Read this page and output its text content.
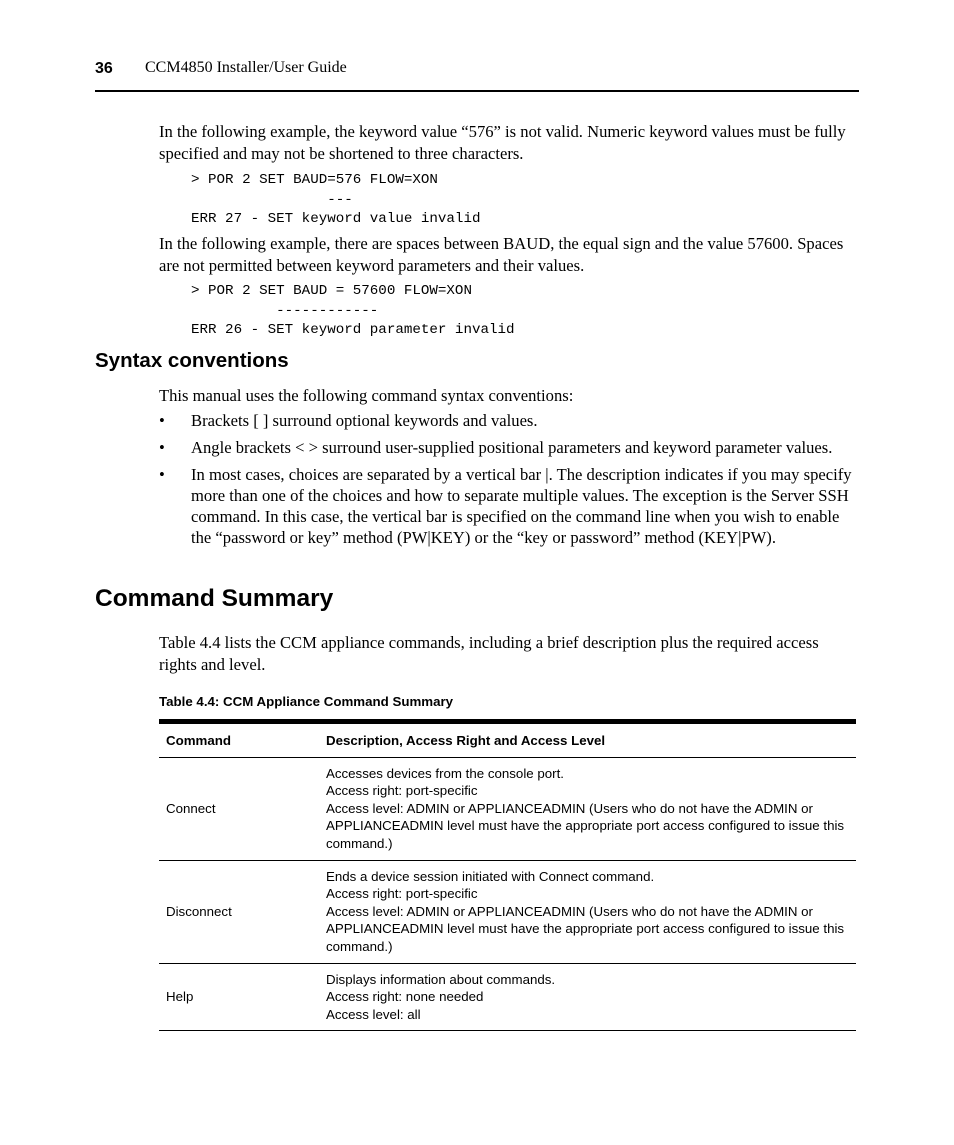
36 CCM4850 Installer/User Guide

In the following example, the keyword value “576” is not valid. Numeric keyword values must be fully specified and may not be shortened to three characters.

> POR 2 SET BAUD=576 FLOW=XON
---
ERR 27 - SET keyword value invalid

In the following example, there are spaces between BAUD, the equal sign and the value 57600. Spaces are not permitted between keyword parameters and their values.

> POR 2 SET BAUD = 57600 FLOW=XON
------------
ERR 26 - SET keyword parameter invalid
Syntax conventions

This manual uses the following command syntax conventions:

• Brackets [ ] surround optional keywords and values.
• Angle brackets < > surround user-supplied positional parameters and keyword parameter values.
• In most cases, choices are separated by a vertical bar |. The description indicates if you may specify more than one of the choices and how to separate multiple values. The exception is the Server SSH command. In this case, the vertical bar is specified on the command line when you wish to enable the “password or key” method (PW|KEY) or the “key or password” method (KEY|PW).
Command Summary

Table 4.4 lists the CCM appliance commands, including a brief description plus the required access rights and level.

Table 4.4: CCM Appliance Command Summary
Command	Description, Access Right and Access Level
Connect	Accesses devices from the console port.
Access right: port-specific
Access level: ADMIN or APPLIANCEADMIN (Users who do not have the ADMIN or APPLIANCEADMIN level must have the appropriate port access configured to issue this command.)

Disconnect	Ends a device session initiated with Connect command.
Access right: port-specific
Access level: ADMIN or APPLIANCEADMIN (Users who do not have the ADMIN or APPLIANCEADMIN level must have the appropriate port access configured to issue this command.)

Help	Displays information about commands.
Access right: none needed
Access level: all
